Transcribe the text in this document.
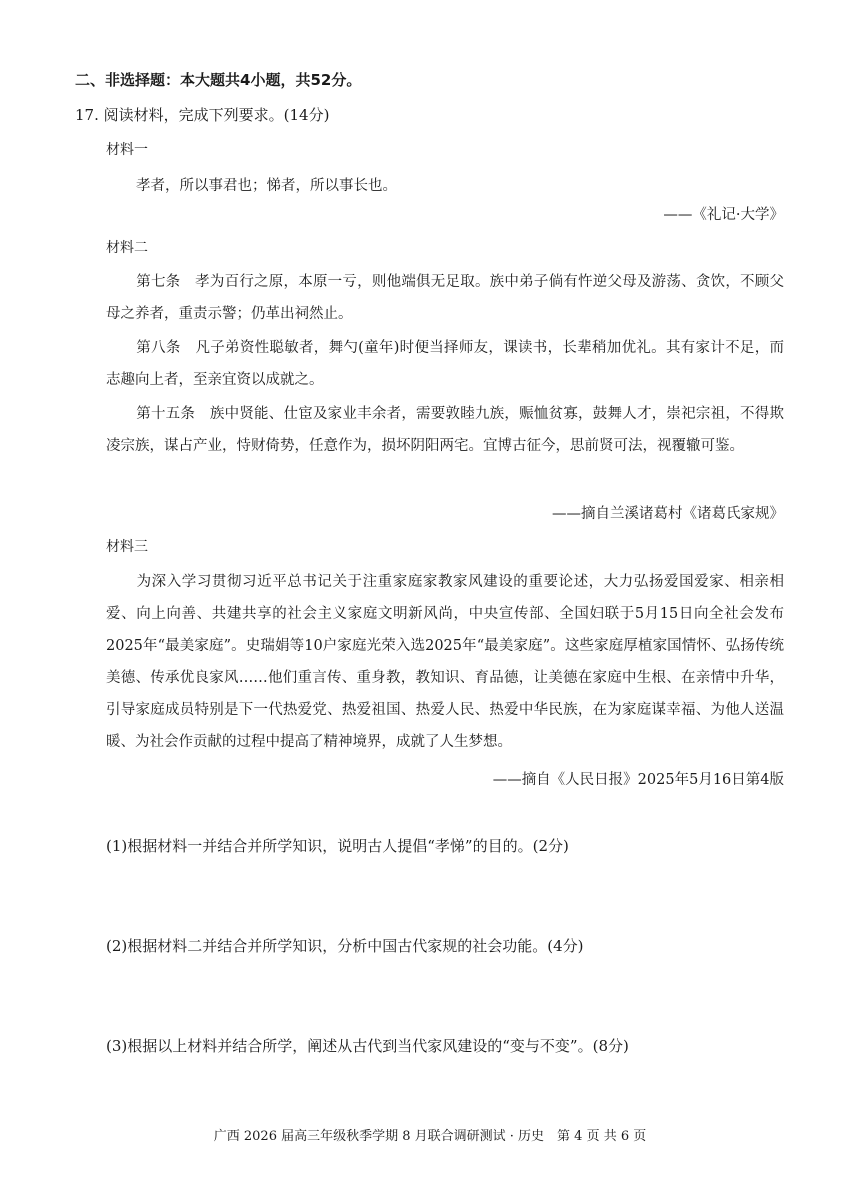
二、非选择题：本大题共4小题，共52分。
17. 阅读材料，完成下列要求。(14分)
材料一
孝者，所以事君也；悌者，所以事长也。
——《礼记·大学》
材料二
第七条　孝为百行之原，本原一亏，则他端俱无足取。族中弟子倘有忤逆父母及游荡、贪饮，不顾父母之养者，重责示警；仍革出祠然止。
第八条　凡子弟资性聪敏者，舞勺(童年)时便当择师友，课读书，长辈稍加优礼。其有家计不足，而志趣向上者，至亲宜资以成就之。
第十五条　族中贤能、仕宦及家业丰余者，需要敦睦九族，赈恤贫寡，鼓舞人才，崇祀宗祖，不得欺凌宗族，谋占产业，恃财倚势，任意作为，损坏阴阳两宅。宜博古征今，思前贤可法，视覆辙可鉴。
——摘自兰溪诸葛村《诸葛氏家规》
材料三
为深入学习贯彻习近平总书记关于注重家庭家教家风建设的重要论述，大力弘扬爱国爱家、相亲相爱、向上向善、共建共享的社会主义家庭文明新风尚，中央宣传部、全国妇联于5月15日向全社会发布2025年“最美家庭”。史瑞娟等10户家庭光荣入选2025年“最美家庭”。这些家庭厚植家国情怀、弘扬传统美德、传承优良家风……他们重言传、重身教，教知识、育品德，让美德在家庭中生根、在亲情中升华，引导家庭成员特别是下一代热爱党、热爱祖国、热爱人民、热爱中华民族，在为家庭谋幸福、为他人送温暖、为社会作贡献的过程中提高了精神境界，成就了人生梦想。
——摘自《人民日报》2025年5月16日第4版
(1)根据材料一并结合并所学知识，说明古人提倡“孝悌”的目的。(2分)
(2)根据材料二并结合并所学知识，分析中国古代家规的社会功能。(4分)
(3)根据以上材料并结合所学，阐述从古代到当代家风建设的“变与不变”。(8分)
广西 2026 届高三年级秋季学期 8 月联合调研测试 · 历史　第 4 页 共 6 页
